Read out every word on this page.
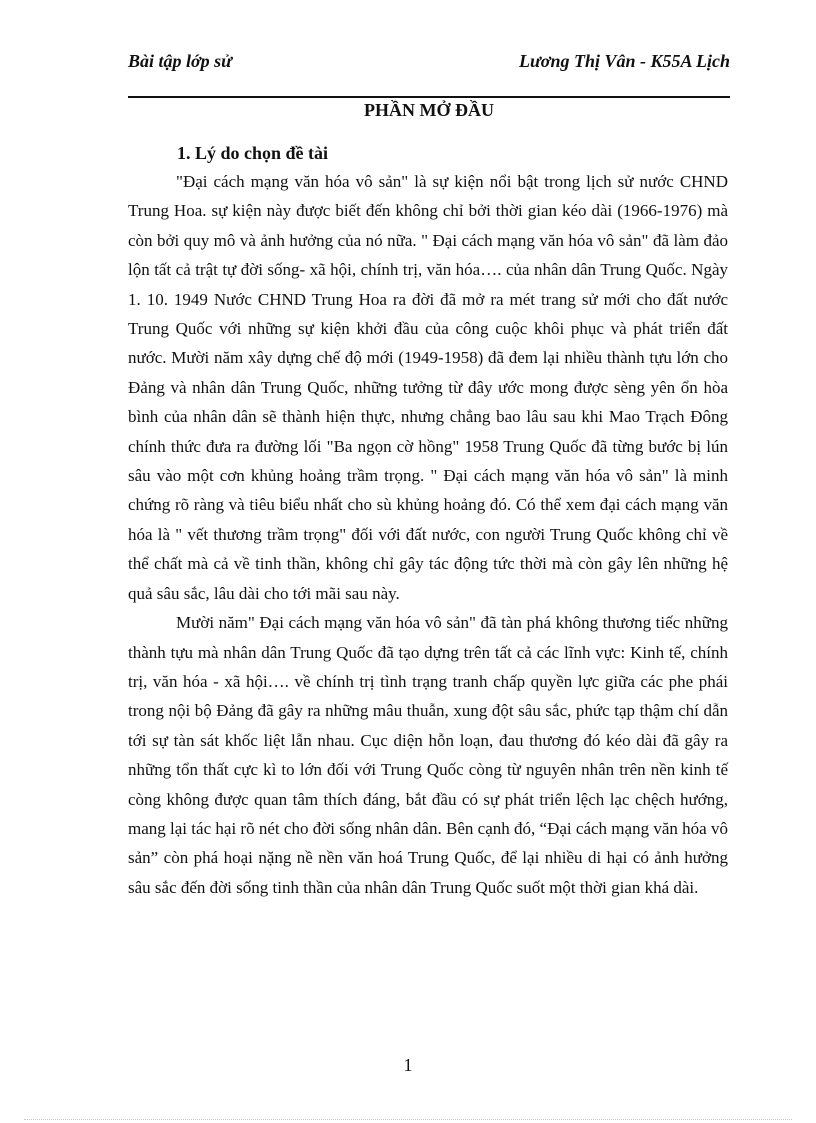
Bài tập lớp sử	Lương Thị Vân - K55A Lịch
PHẦN MỞ ĐẦU
1. Lý do chọn đề tài

"Đại cách mạng văn hóa vô sản" là sự kiện nổi bật trong lịch sử nước CHND Trung Hoa. sự kiện này được biết đến không chỉ bởi thời gian kéo dài (1966-1976) mà còn bởi quy mô và ảnh hưởng của nó nữa. " Đại cách mạng văn hóa vô sản" đã làm đảo lộn tất cả trật tự đời sống- xã hội, chính trị, văn hóa…. của nhân dân Trung Quốc. Ngày 1. 10. 1949 Nước CHND Trung Hoa ra đời đã mở ra mét trang sử mới cho đất nước Trung Quốc với những sự kiện khởi đầu của công cuộc khôi phục và phát triển đất nước. Mười năm xây dựng chế độ mới (1949-1958) đã đem lại nhiều thành tựu lớn cho Đảng và nhân dân Trung Quốc, những tưởng từ đây ước mong được sèng yên ổn hòa bình của nhân dân sẽ thành hiện thực, nhưng chẳng bao lâu sau khi Mao Trạch Đông chính thức đưa ra đường lối "Ba ngọn cờ hồng" 1958 Trung Quốc đã từng bước bị lún sâu vào một cơn khủng hoảng trầm trọng. " Đại cách mạng văn hóa vô sản" là minh chứng rõ ràng và tiêu biểu nhất cho sù khủng hoảng đó. Có thể xem đại cách mạng văn hóa là " vết thương trầm trọng" đối với đất nước, con người Trung Quốc không chỉ về thể chất mà cả về tinh thần, không chỉ gây tác động tức thời mà còn gây lên những hệ quả sâu sắc, lâu dài cho tới mãi sau này.

Mười năm" Đại cách mạng văn hóa vô sản" đã tàn phá không thương tiếc những thành tựu mà nhân dân Trung Quốc đã tạo dựng trên tất cả các lĩnh vực: Kinh tế, chính trị, văn hóa - xã hội…. về chính trị tình trạng tranh chấp quyền lực giữa các phe phái trong nội bộ Đảng đã gây ra những mâu thuẫn, xung đột sâu sắc, phức tạp thậm chí dẫn tới sự tàn sát khốc liệt lẫn nhau. Cục diện hỗn loạn, đau thương đó kéo dài đã gây ra những tổn thất cực kì to lớn đối với Trung Quốc còng từ nguyên nhân trên nền kinh tế còng không được quan tâm thích đáng, bắt đầu có sự phát triển lệch lạc chệch hướng, mang lại tác hại rõ nét cho đời sống nhân dân. Bên cạnh đó, “Đại cách mạng văn hóa vô sản” còn phá hoại nặng nề nền văn hoá Trung Quốc, để lại nhiều di hại có ảnh hưởng sâu sắc đến đời sống tinh thần của nhân dân Trung Quốc suốt một thời gian khá dài.

1
